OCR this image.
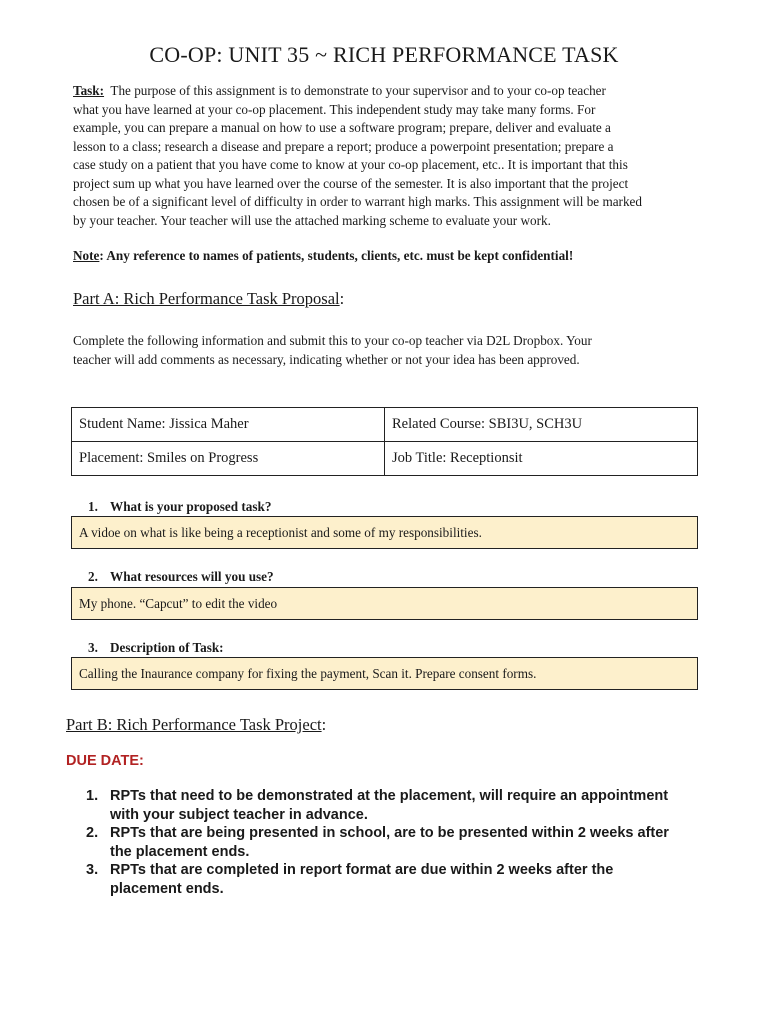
CO-OP: UNIT 35 ~ RICH PERFORMANCE TASK
Task: The purpose of this assignment is to demonstrate to your supervisor and to your co-op teacher
what you have learned at your co-op placement. This independent study may take many forms. For
example, you can prepare a manual on how to use a software program; prepare, deliver and evaluate a
lesson to a class; research a disease and prepare a report; produce a powerpoint presentation; prepare a
case study on a patient that you have come to know at your co-op placement, etc.. It is important that this
project sum up what you have learned over the course of the semester. It is also important that the project
chosen be of a significant level of difficulty in order to warrant high marks. This assignment will be marked
by your teacher. Your teacher will use the attached marking scheme to evaluate your work.
Note: Any reference to names of patients, students, clients, etc. must be kept confidential!
Part A: Rich Performance Task Proposal:
Complete the following information and submit this to your co-op teacher via D2L Dropbox. Your
teacher will add comments as necessary, indicating whether or not your idea has been approved.
Student Name: Jissica Maher	Related Course: SBI3U, SCH3U
Placement: Smiles on Progress	Job Title: Receptionsit
1. What is your proposed task?
A vidoe on what is like being a receptionist and some of my responsibilities.
2. What resources will you use?
My phone. “Capcut” to edit the video
3. Description of Task:
Calling the Inaurance company for fixing the payment, Scan it. Prepare consent forms.
Part B: Rich Performance Task Project:
DUE DATE:
1. RPTs that need to be demonstrated at the placement, will require an appointment
with your subject teacher in advance.
2. RPTs that are being presented in school, are to be presented within 2 weeks after
the placement ends.
3. RPTs that are completed in report format are due within 2 weeks after the
placement ends.
